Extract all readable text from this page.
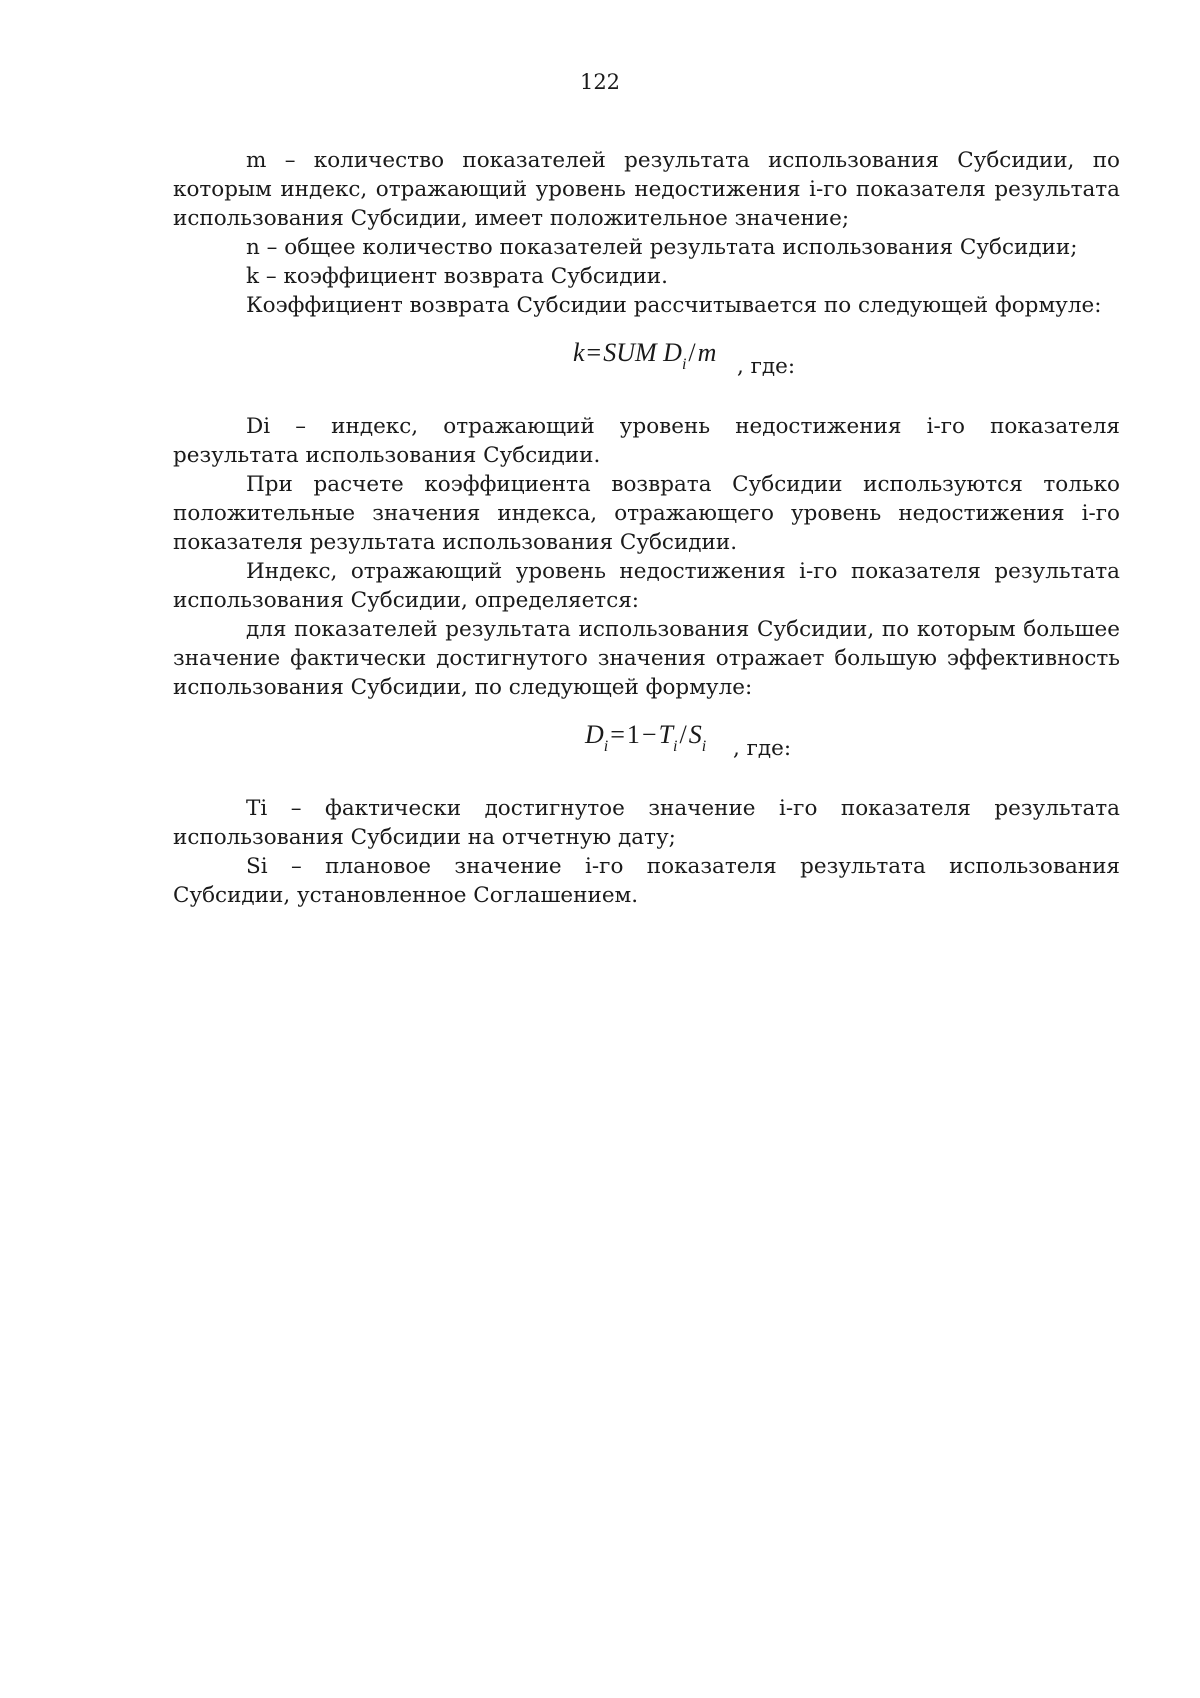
122

m – количество показателей результата использования Субсидии, по которым индекс, отражающий уровень недостижения i-го показателя результата использования Субсидии, имеет положительное значение;

n – общее количество показателей результата использования Субсидии;

k – коэффициент возврата Субсидии.

Коэффициент возврата Субсидии рассчитывается по следующей формуле:

k=SUM $D_i/m$ , где:

Di – индекс, отражающий уровень недостижения i-го показателя результата использования Субсидии.

При расчете коэффициента возврата Субсидии используются только положительные значения индекса, отражающего уровень недостижения i-го показателя результата использования Субсидии.

Индекс, отражающий уровень недостижения i-го показателя результата использования Субсидии, определяется:

для показателей результата использования Субсидии, по которым большее значение фактически достигнутого значения отражает большую эффективность использования Субсидии, по следующей формуле:

$D_i=1-T_i/S_i$ , где:

Ti – фактически достигнутое значение i-го показателя результата использования Субсидии на отчетную дату;

Si – плановое значение i-го показателя результата использования Субсидии, установленное Соглашением.
